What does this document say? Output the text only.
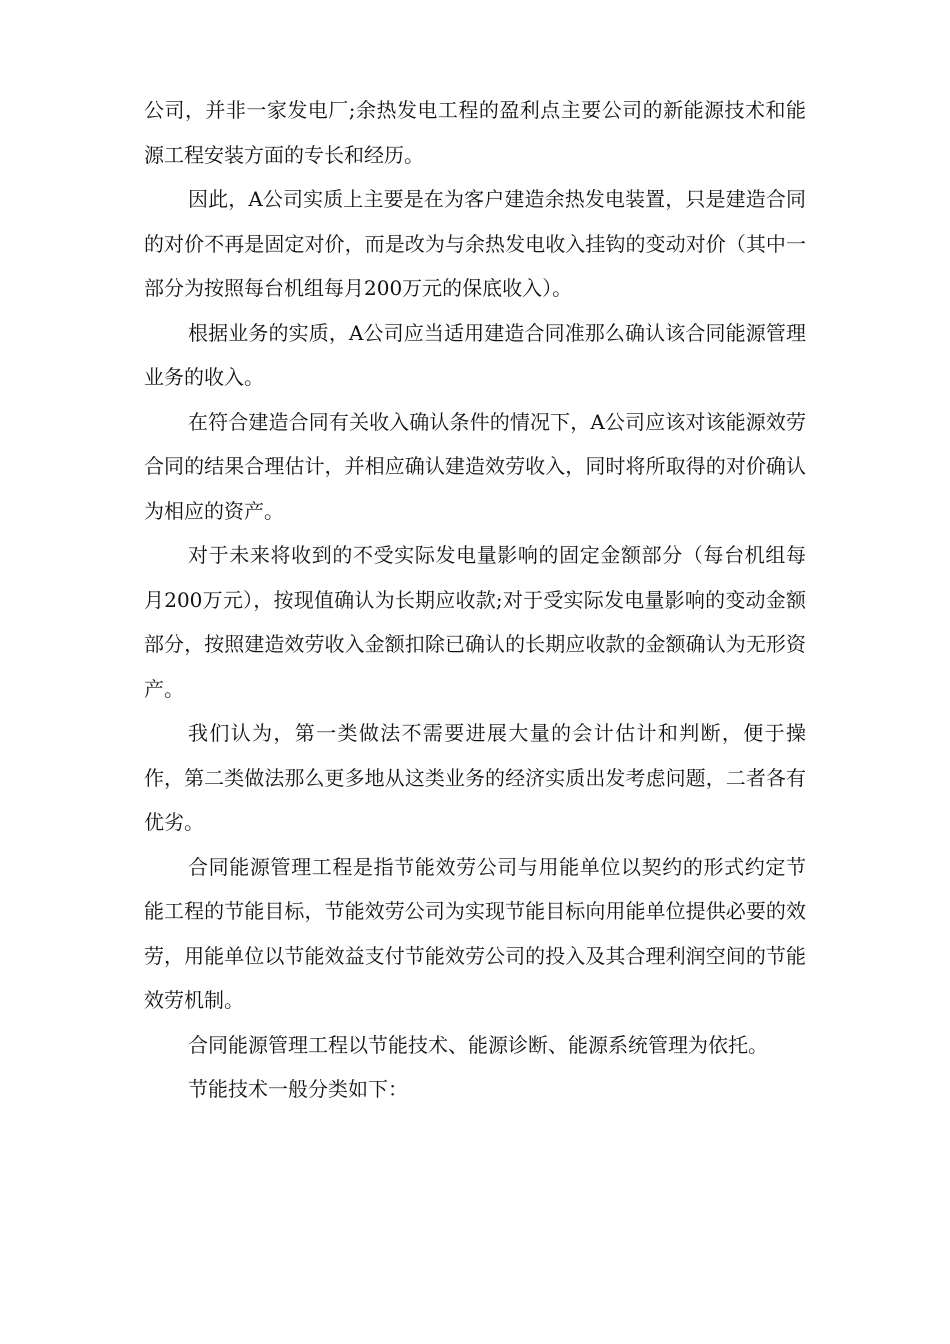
公司，并非一家发电厂;余热发电工程的盈利点主要公司的新能源技术和能源工程安装方面的专长和经历。

因此，A公司实质上主要是在为客户建造余热发电装置，只是建造合同的对价不再是固定对价，而是改为与余热发电收入挂钩的变动对价（其中一部分为按照每台机组每月200万元的保底收入）。

根据业务的实质，A公司应当适用建造合同准那么确认该合同能源管理业务的收入。

在符合建造合同有关收入确认条件的情况下，A公司应该对该能源效劳合同的结果合理估计，并相应确认建造效劳收入，同时将所取得的对价确认为相应的资产。

对于未来将收到的不受实际发电量影响的固定金额部分（每台机组每月200万元），按现值确认为长期应收款;对于受实际发电量影响的变动金额部分，按照建造效劳收入金额扣除已确认的长期应收款的金额确认为无形资产。

我们认为，第一类做法不需要进展大量的会计估计和判断，便于操作，第二类做法那么更多地从这类业务的经济实质出发考虑问题，二者各有优劣。

合同能源管理工程是指节能效劳公司与用能单位以契约的形式约定节能工程的节能目标，节能效劳公司为实现节能目标向用能单位提供必要的效劳，用能单位以节能效益支付节能效劳公司的投入及其合理利润空间的节能效劳机制。

合同能源管理工程以节能技术、能源诊断、能源系统管理为依托。

节能技术一般分类如下：
